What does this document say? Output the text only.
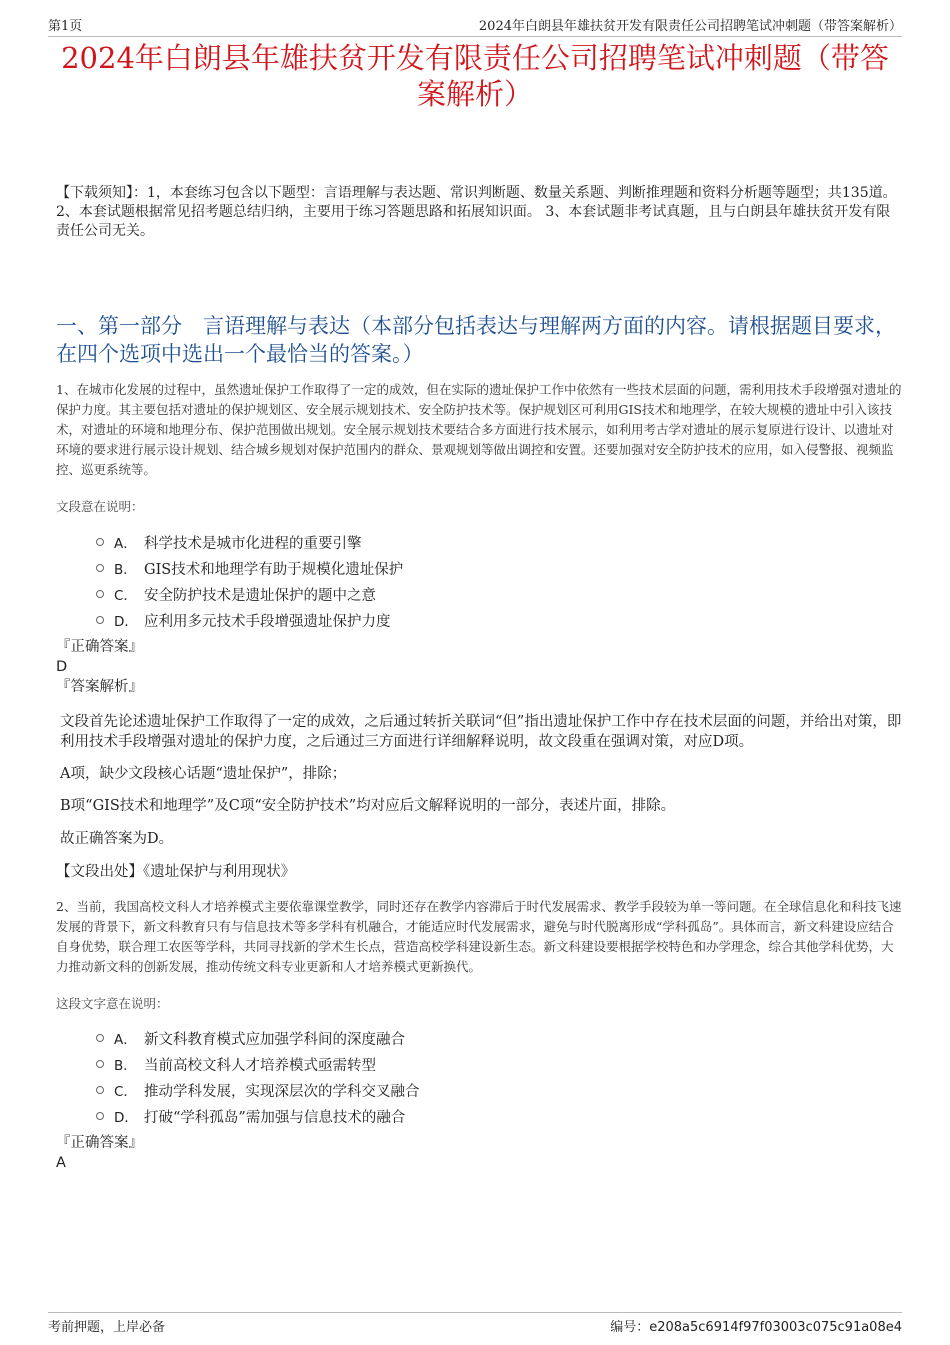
第1页	2024年白朗县年雄扶贫开发有限责任公司招聘笔试冲刺题（带答案解析）
2024年白朗县年雄扶贫开发有限责任公司招聘笔试冲刺题（带答案解析）
【下载须知】：1，本套练习包含以下题型：言语理解与表达题、常识判断题、数量关系题、判断推理题和资料分析题等题型；共135道。 2、本套试题根据常见招考题总结归纳，主要用于练习答题思路和拓展知识面。 3、本套试题非考试真题，且与白朗县年雄扶贫开发有限责任公司无关。
一、第一部分　言语理解与表达（本部分包括表达与理解两方面的内容。请根据题目要求，在四个选项中选出一个最恰当的答案。）
1、在城市化发展的过程中，虽然遗址保护工作取得了一定的成效，但在实际的遗址保护工作中依然有一些技术层面的问题，需利用技术手段增强对遗址的保护力度。其主要包括对遗址的保护规划区、安全展示规划技术、安全防护技术等。保护规划区可利用GIS技术和地理学，在较大规模的遗址中引入该技术，对遗址的环境和地理分布、保护范围做出规划。安全展示规划技术要结合多方面进行技术展示，如利用考古学对遗址的展示复原进行设计、以遗址对环境的要求进行展示设计规划、结合城乡规划对保护范围内的群众、景观规划等做出调控和安置。还要加强对安全防护技术的应用，如入侵警报、视频监控、巡更系统等。
文段意在说明：
A． 科学技术是城市化进程的重要引擎
B． GIS技术和地理学有助于规模化遗址保护
C． 安全防护技术是遗址保护的题中之意
D． 应利用多元技术手段增强遗址保护力度
『正确答案』
D
『答案解析』
文段首先论述遗址保护工作取得了一定的成效，之后通过转折关联词“但”指出遗址保护工作中存在技术层面的问题，并给出对策，即利用技术手段增强对遗址的保护力度，之后通过三方面进行详细解释说明，故文段重在强调对策，对应D项。
A项，缺少文段核心话题“遗址保护”，排除；
B项“GIS技术和地理学”及C项“安全防护技术”均对应后文解释说明的一部分，表述片面，排除。
故正确答案为D。
【文段出处】《遗址保护与利用现状》
2、当前，我国高校文科人才培养模式主要依靠课堂教学，同时还存在教学内容滞后于时代发展需求、教学手段较为单一等问题。在全球信息化和科技飞速发展的背景下，新文科教育只有与信息技术等多学科有机融合，才能适应时代发展需求，避免与时代脱离形成“学科孤岛”。具体而言，新文科建设应结合自身优势，联合理工农医等学科，共同寻找新的学术生长点，营造高校学科建设新生态。新文科建设要根据学校特色和办学理念，综合其他学科优势，大力推动新文科的创新发展，推动传统文科专业更新和人才培养模式更新换代。
这段文字意在说明：
A． 新文科教育模式应加强学科间的深度融合
B． 当前高校文科人才培养模式亟需转型
C． 推动学科发展，实现深层次的学科交叉融合
D． 打破“学科孤岛”需加强与信息技术的融合
『正确答案』
A
考前押题，上岸必备	编号：e208a5c6914f97f03003c075c91a08e4
